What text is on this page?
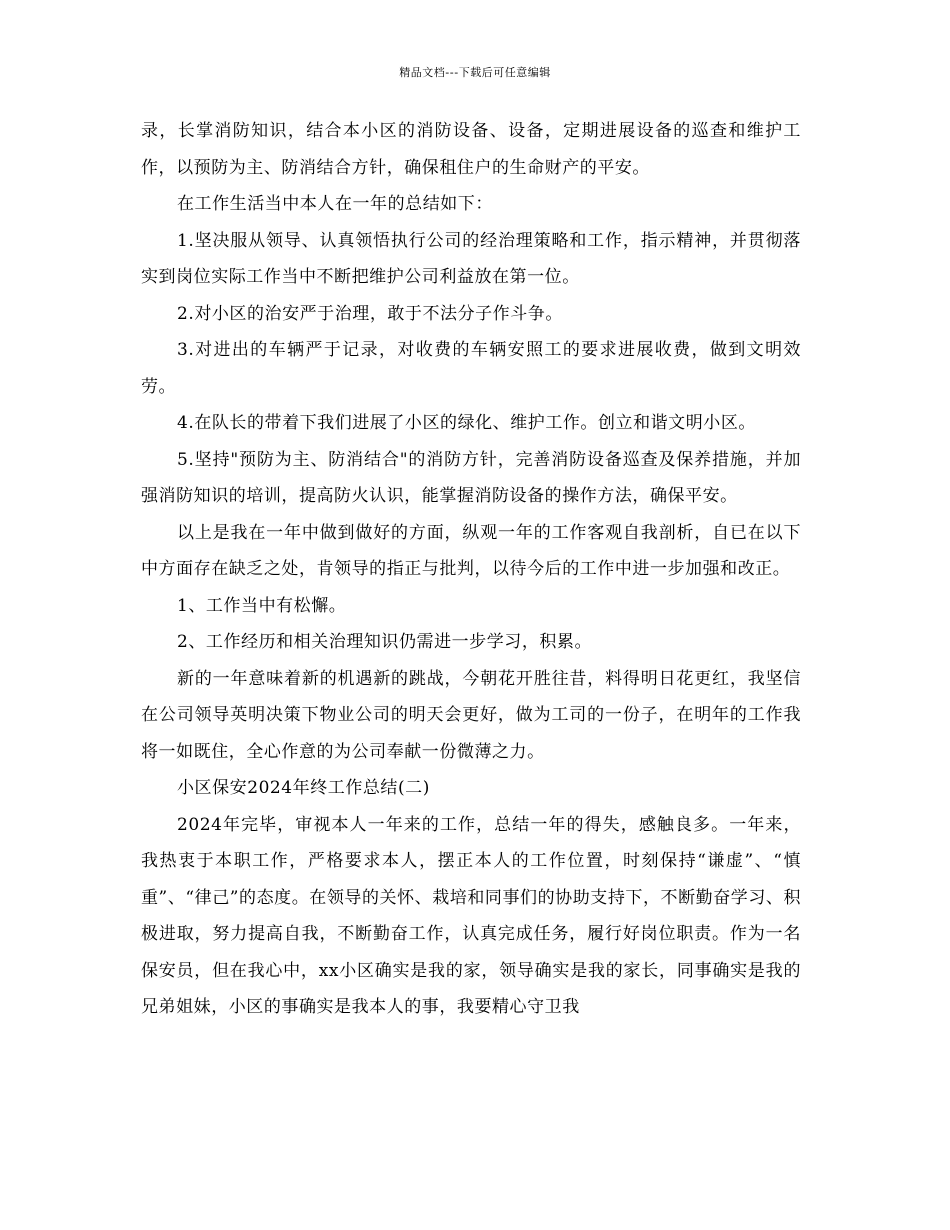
精品文档---下载后可任意编辑

录，长掌消防知识，结合本小区的消防设备、设备，定期进展设备的巡查和维护工作，以预防为主、防消结合方针，确保租住户的生命财产的平安。

在工作生活当中本人在一年的总结如下：

1.坚决服从领导、认真领悟执行公司的经治理策略和工作，指示精神，并贯彻落实到岗位实际工作当中不断把维护公司利益放在第一位。

2.对小区的治安严于治理，敢于不法分子作斗争。

3.对进出的车辆严于记录，对收费的车辆安照工的要求进展收费，做到文明效劳。

4.在队长的带着下我们进展了小区的绿化、维护工作。创立和谐文明小区。

5.坚持"预防为主、防消结合"的消防方针，完善消防设备巡查及保养措施，并加强消防知识的培训，提高防火认识，能掌握消防设备的操作方法，确保平安。

以上是我在一年中做到做好的方面，纵观一年的工作客观自我剖析，自已在以下中方面存在缺乏之处，肯领导的指正与批判，以待今后的工作中进一步加强和改正。

1、工作当中有松懈。

2、工作经历和相关治理知识仍需进一步学习，积累。

新的一年意味着新的机遇新的跳战，今朝花开胜往昔，料得明日花更红，我坚信在公司领导英明决策下物业公司的明天会更好，做为工司的一份子，在明年的工作我将一如既住，全心作意的为公司奉献一份微薄之力。

小区保安2024年终工作总结(二)

2024年完毕，审视本人一年来的工作，总结一年的得失，感触良多。一年来，我热衷于本职工作，严格要求本人，摆正本人的工作位置，时刻保持“谦虚”、“慎重”、“律己”的态度。在领导的关怀、栽培和同事们的协助支持下，不断勤奋学习、积极进取，努力提高自我，不断勤奋工作，认真完成任务，履行好岗位职责。作为一名保安员，但在我心中，xx小区确实是我的家，领导确实是我的家长，同事确实是我的兄弟姐妹，小区的事确实是我本人的事，我要精心守卫我
